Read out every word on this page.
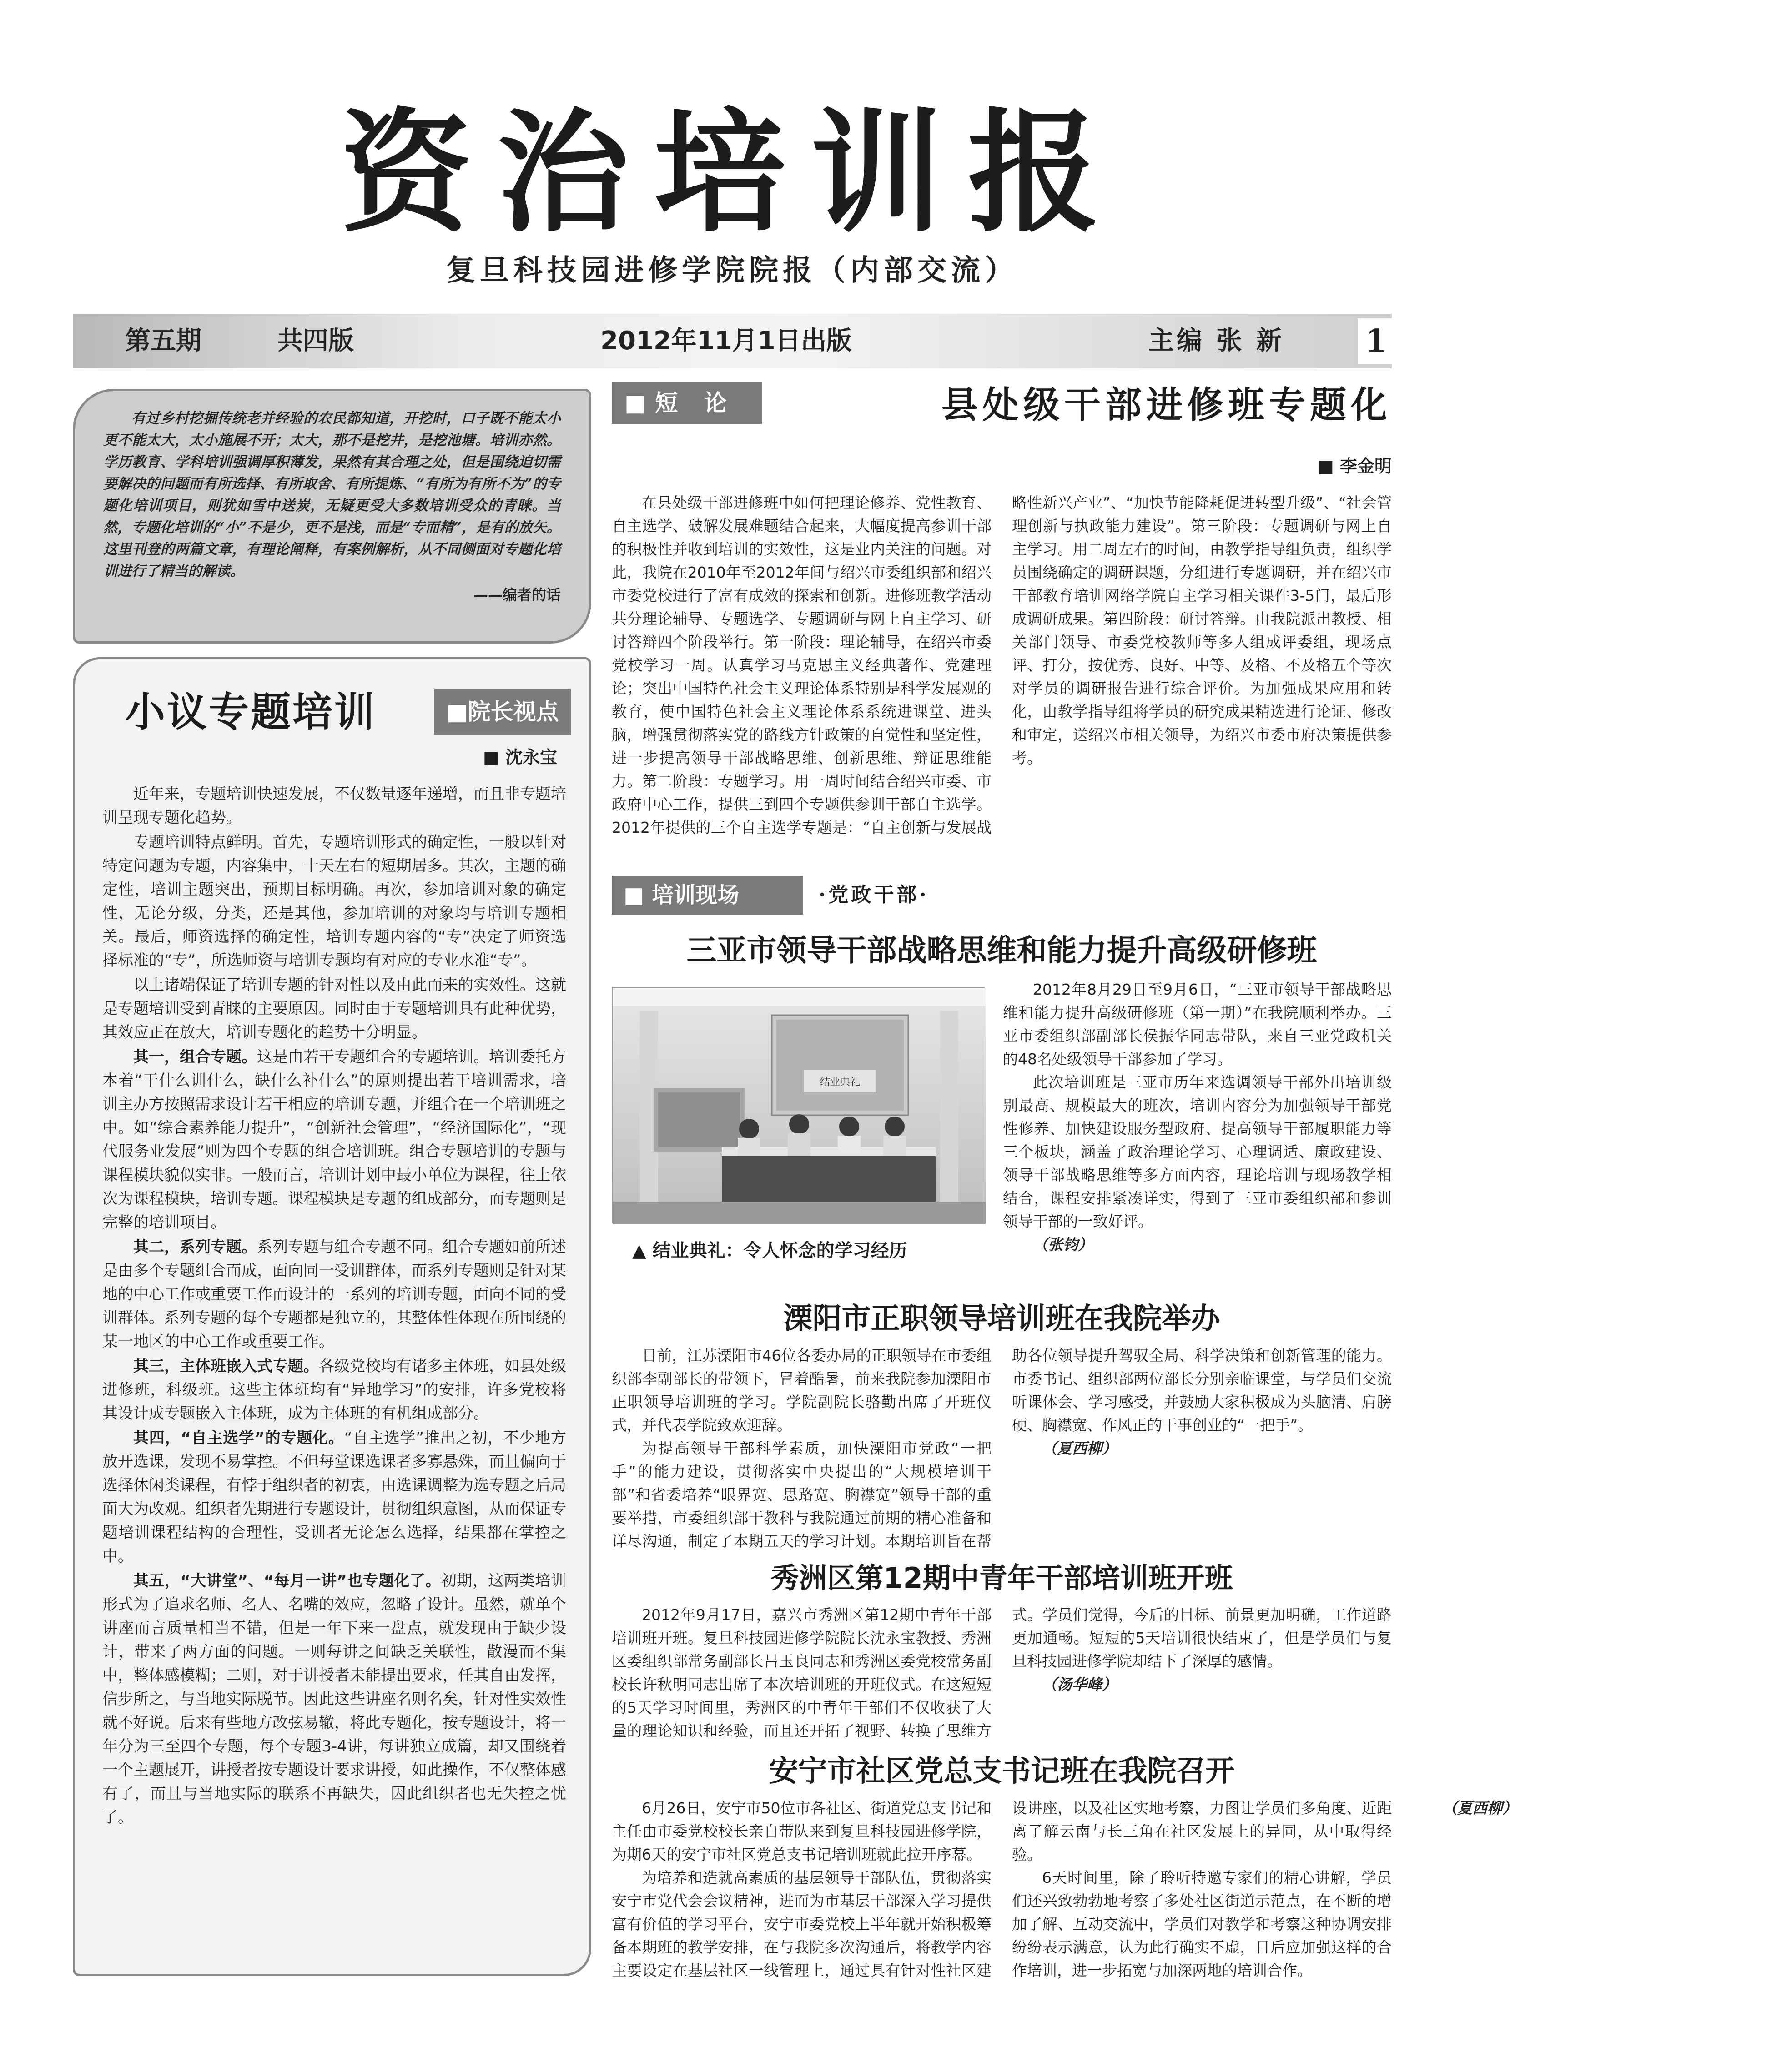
资治培训报
复旦科技园进修学院院报（内部交流）
第五期	共四版	2012年11月1日出版	主编 张 新	1

有过乡村挖掘传统老并经验的农民都知道，开挖时，口子既不能太小更不能太大，太小施展不开；太大，那不是挖井，是挖池塘。培训亦然。学历教育、学科培训强调厚积薄发，果然有其合理之处，但是围绕迫切需要解决的问题而有所选择、有所取舍、有所提炼、“有所为有所不为”的专题化培训项目，则犹如雪中送炭，无疑更受大多数培训受众的青睐。当然，专题化培训的“小”不是少，更不是浅，而是“专而精”，是有的放矢。这里刊登的两篇文章，有理论阐释，有案例解析，从不同侧面对专题化培训进行了精当的解读。

——编者的话

小议专题培训	■院长视点
■ 沈永宝

近年来，专题培训快速发展，不仅数量逐年递增，而且非专题培训呈现专题化趋势。

专题培训特点鲜明。首先，专题培训形式的确定性，一般以针对特定问题为专题，内容集中，十天左右的短期居多。其次，主题的确定性，培训主题突出，预期目标明确。再次，参加培训对象的确定性，无论分级，分类，还是其他，参加培训的对象均与培训专题相关。最后，师资选择的确定性，培训专题内容的“专”决定了师资选择标准的“专”，所选师资与培训专题均有对应的专业水准“专”。

以上诸端保证了培训专题的针对性以及由此而来的实效性。这就是专题培训受到青睐的主要原因。同时由于专题培训具有此种优势，其效应正在放大，培训专题化的趋势十分明显。

其一，组合专题。这是由若干专题组合的专题培训。培训委托方本着“干什么训什么，缺什么补什么”的原则提出若干培训需求，培训主办方按照需求设计若干相应的培训专题，并组合在一个培训班之中。如“综合素养能力提升”，“创新社会管理”，“经济国际化”，“现代服务业发展”则为四个专题的组合培训班。组合专题培训的专题与课程模块貌似实非。一般而言，培训计划中最小单位为课程，往上依次为课程模块，培训专题。课程模块是专题的组成部分，而专题则是完整的培训项目。

其二，系列专题。系列专题与组合专题不同。组合专题如前所述是由多个专题组合而成，面向同一受训群体，而系列专题则是针对某地的中心工作或重要工作而设计的一系列的培训专题，面向不同的受训群体。系列专题的每个专题都是独立的，其整体性体现在所围绕的某一地区的中心工作或重要工作。

其三，主体班嵌入式专题。各级党校均有诸多主体班，如县处级进修班，科级班。这些主体班均有“异地学习”的安排，许多党校将其设计成专题嵌入主体班，成为主体班的有机组成部分。

其四，“自主选学”的专题化。“自主选学”推出之初，不少地方放开选课，发现不易掌控。不但每堂课选课者多寡悬殊，而且偏向于选择休闲类课程，有悖于组织者的初衷，由选课调整为选专题之后局面大为改观。组织者先期进行专题设计，贯彻组织意图，从而保证专题培训课程结构的合理性，受训者无论怎么选择，结果都在掌控之中。

其五，“大讲堂”、“每月一讲”也专题化了。初期，这两类培训形式为了追求名师、名人、名嘴的效应，忽略了设计。虽然，就单个讲座而言质量相当不错，但是一年下来一盘点，就发现由于缺少设计，带来了两方面的问题。一则每讲之间缺乏关联性，散漫而不集中，整体感模糊；二则，对于讲授者未能提出要求，任其自由发挥，信步所之，与当地实际脱节。因此这些讲座名则名矣，针对性实效性就不好说。后来有些地方改弦易辙，将此专题化，按专题设计，将一年分为三至四个专题，每个专题3-4讲，每讲独立成篇，却又围绕着一个主题展开，讲授者按专题设计要求讲授，如此操作，不仅整体感有了，而且与当地实际的联系不再缺失，因此组织者也无失控之忧了。

■短 论	县处级干部进修班专题化
■ 李金明

在县处级干部进修班中如何把理论修养、党性教育、自主选学、破解发展难题结合起来，大幅度提高参训干部的积极性并收到培训的实效性，这是业内关注的问题。对此，我院在2010年至2012年间与绍兴市委组织部和绍兴市委党校进行了富有成效的探索和创新。进修班教学活动共分理论辅导、专题选学、专题调研与网上自主学习、研讨答辩四个阶段举行。第一阶段：理论辅导，在绍兴市委党校学习一周。认真学习马克思主义经典著作、党建理论；突出中国特色社会主义理论体系特别是科学发展观的教育，使中国特色社会主义理论体系系统进课堂、进头脑，增强贯彻落实党的路线方针政策的自觉性和坚定性，进一步提高领导干部战略思维、创新思维、辩证思维能力。第二阶段：专题学习。用一周时间结合绍兴市委、市政府中心工作，提供三到四个专题供参训干部自主选学。2012年提供的三个自主选学专题是：“自主创新与发展战略性新兴产业”、“加快节能降耗促进转型升级”、“社会管理创新与执政能力建设”。第三阶段：专题调研与网上自主学习。用二周左右的时间，由教学指导组负责，组织学员围绕确定的调研课题，分组进行专题调研，并在绍兴市干部教育培训网络学院自主学习相关课件3-5门，最后形成调研成果。第四阶段：研讨答辩。由我院派出教授、相关部门领导、市委党校教师等多人组成评委组，现场点评、打分，按优秀、良好、中等、及格、不及格五个等次对学员的调研报告进行综合评价。为加强成果应用和转化，由教学指导组将学员的研究成果精选进行论证、修改和审定，送绍兴市相关领导，为绍兴市委市府决策提供参考。

■ 培训现场	·党政干部·
三亚市领导干部战略思维和能力提升高级研修班
结业典礼
▲ 结业典礼：令人怀念的学习经历

2012年8月29日至9月6日，“三亚市领导干部战略思维和能力提升高级研修班（第一期）”在我院顺利举办。三亚市委组织部副部长侯振华同志带队，来自三亚党政机关的48名处级领导干部参加了学习。

此次培训班是三亚市历年来选调领导干部外出培训级别最高、规模最大的班次，培训内容分为加强领导干部党性修养、加快建设服务型政府、提高领导干部履职能力等三个板块，涵盖了政治理论学习、心理调适、廉政建设、领导干部战略思维等多方面内容，理论培训与现场教学相结合，课程安排紧凑详实，得到了三亚市委组织部和参训领导干部的一致好评。

（张钧）

溧阳市正职领导培训班在我院举办

日前，江苏溧阳市46位各委办局的正职领导在市委组织部李副部长的带领下，冒着酷暑，前来我院参加溧阳市正职领导培训班的学习。学院副院长骆勤出席了开班仪式，并代表学院致欢迎辞。

为提高领导干部科学素质，加快溧阳市党政“一把手”的能力建设，贯彻落实中央提出的“大规模培训干部”和省委培养“眼界宽、思路宽、胸襟宽”领导干部的重要举措，市委组织部干教科与我院通过前期的精心准备和详尽沟通，制定了本期五天的学习计划。本期培训旨在帮助各位领导提升驾驭全局、科学决策和创新管理的能力。市委书记、组织部两位部长分别亲临课堂，与学员们交流听课体会、学习感受，并鼓励大家积极成为头脑清、肩膀硬、胸襟宽、作风正的干事创业的“一把手”。

（夏西柳）

秀洲区第12期中青年干部培训班开班

2012年9月17日，嘉兴市秀洲区第12期中青年干部培训班开班。复旦科技园进修学院院长沈永宝教授、秀洲区委组织部常务副部长吕玉良同志和秀洲区委党校常务副校长许秋明同志出席了本次培训班的开班仪式。在这短短的5天学习时间里，秀洲区的中青年干部们不仅收获了大量的理论知识和经验，而且还开拓了视野、转换了思维方式。学员们觉得，今后的目标、前景更加明确，工作道路更加通畅。短短的5天培训很快结束了，但是学员们与复旦科技园进修学院却结下了深厚的感情。

（汤华峰）

安宁市社区党总支书记班在我院召开

6月26日，安宁市50位市各社区、街道党总支书记和主任由市委党校校长亲自带队来到复旦科技园进修学院，为期6天的安宁市社区党总支书记培训班就此拉开序幕。

为培养和造就高素质的基层领导干部队伍，贯彻落实安宁市党代会会议精神，进而为市基层干部深入学习提供富有价值的学习平台，安宁市委党校上半年就开始积极筹备本期班的教学安排，在与我院多次沟通后，将教学内容主要设定在基层社区一线管理上，通过具有针对性社区建设讲座，以及社区实地考察，力图让学员们多角度、近距离了解云南与长三角在社区发展上的异同，从中取得经验。

6天时间里，除了聆听特邀专家们的精心讲解，学员们还兴致勃勃地考察了多处社区街道示范点，在不断的增加了解、互动交流中，学员们对教学和考察这种协调安排纷纷表示满意，认为此行确实不虚，日后应加强这样的合作培训，进一步拓宽与加深两地的培训合作。

（夏西柳）
